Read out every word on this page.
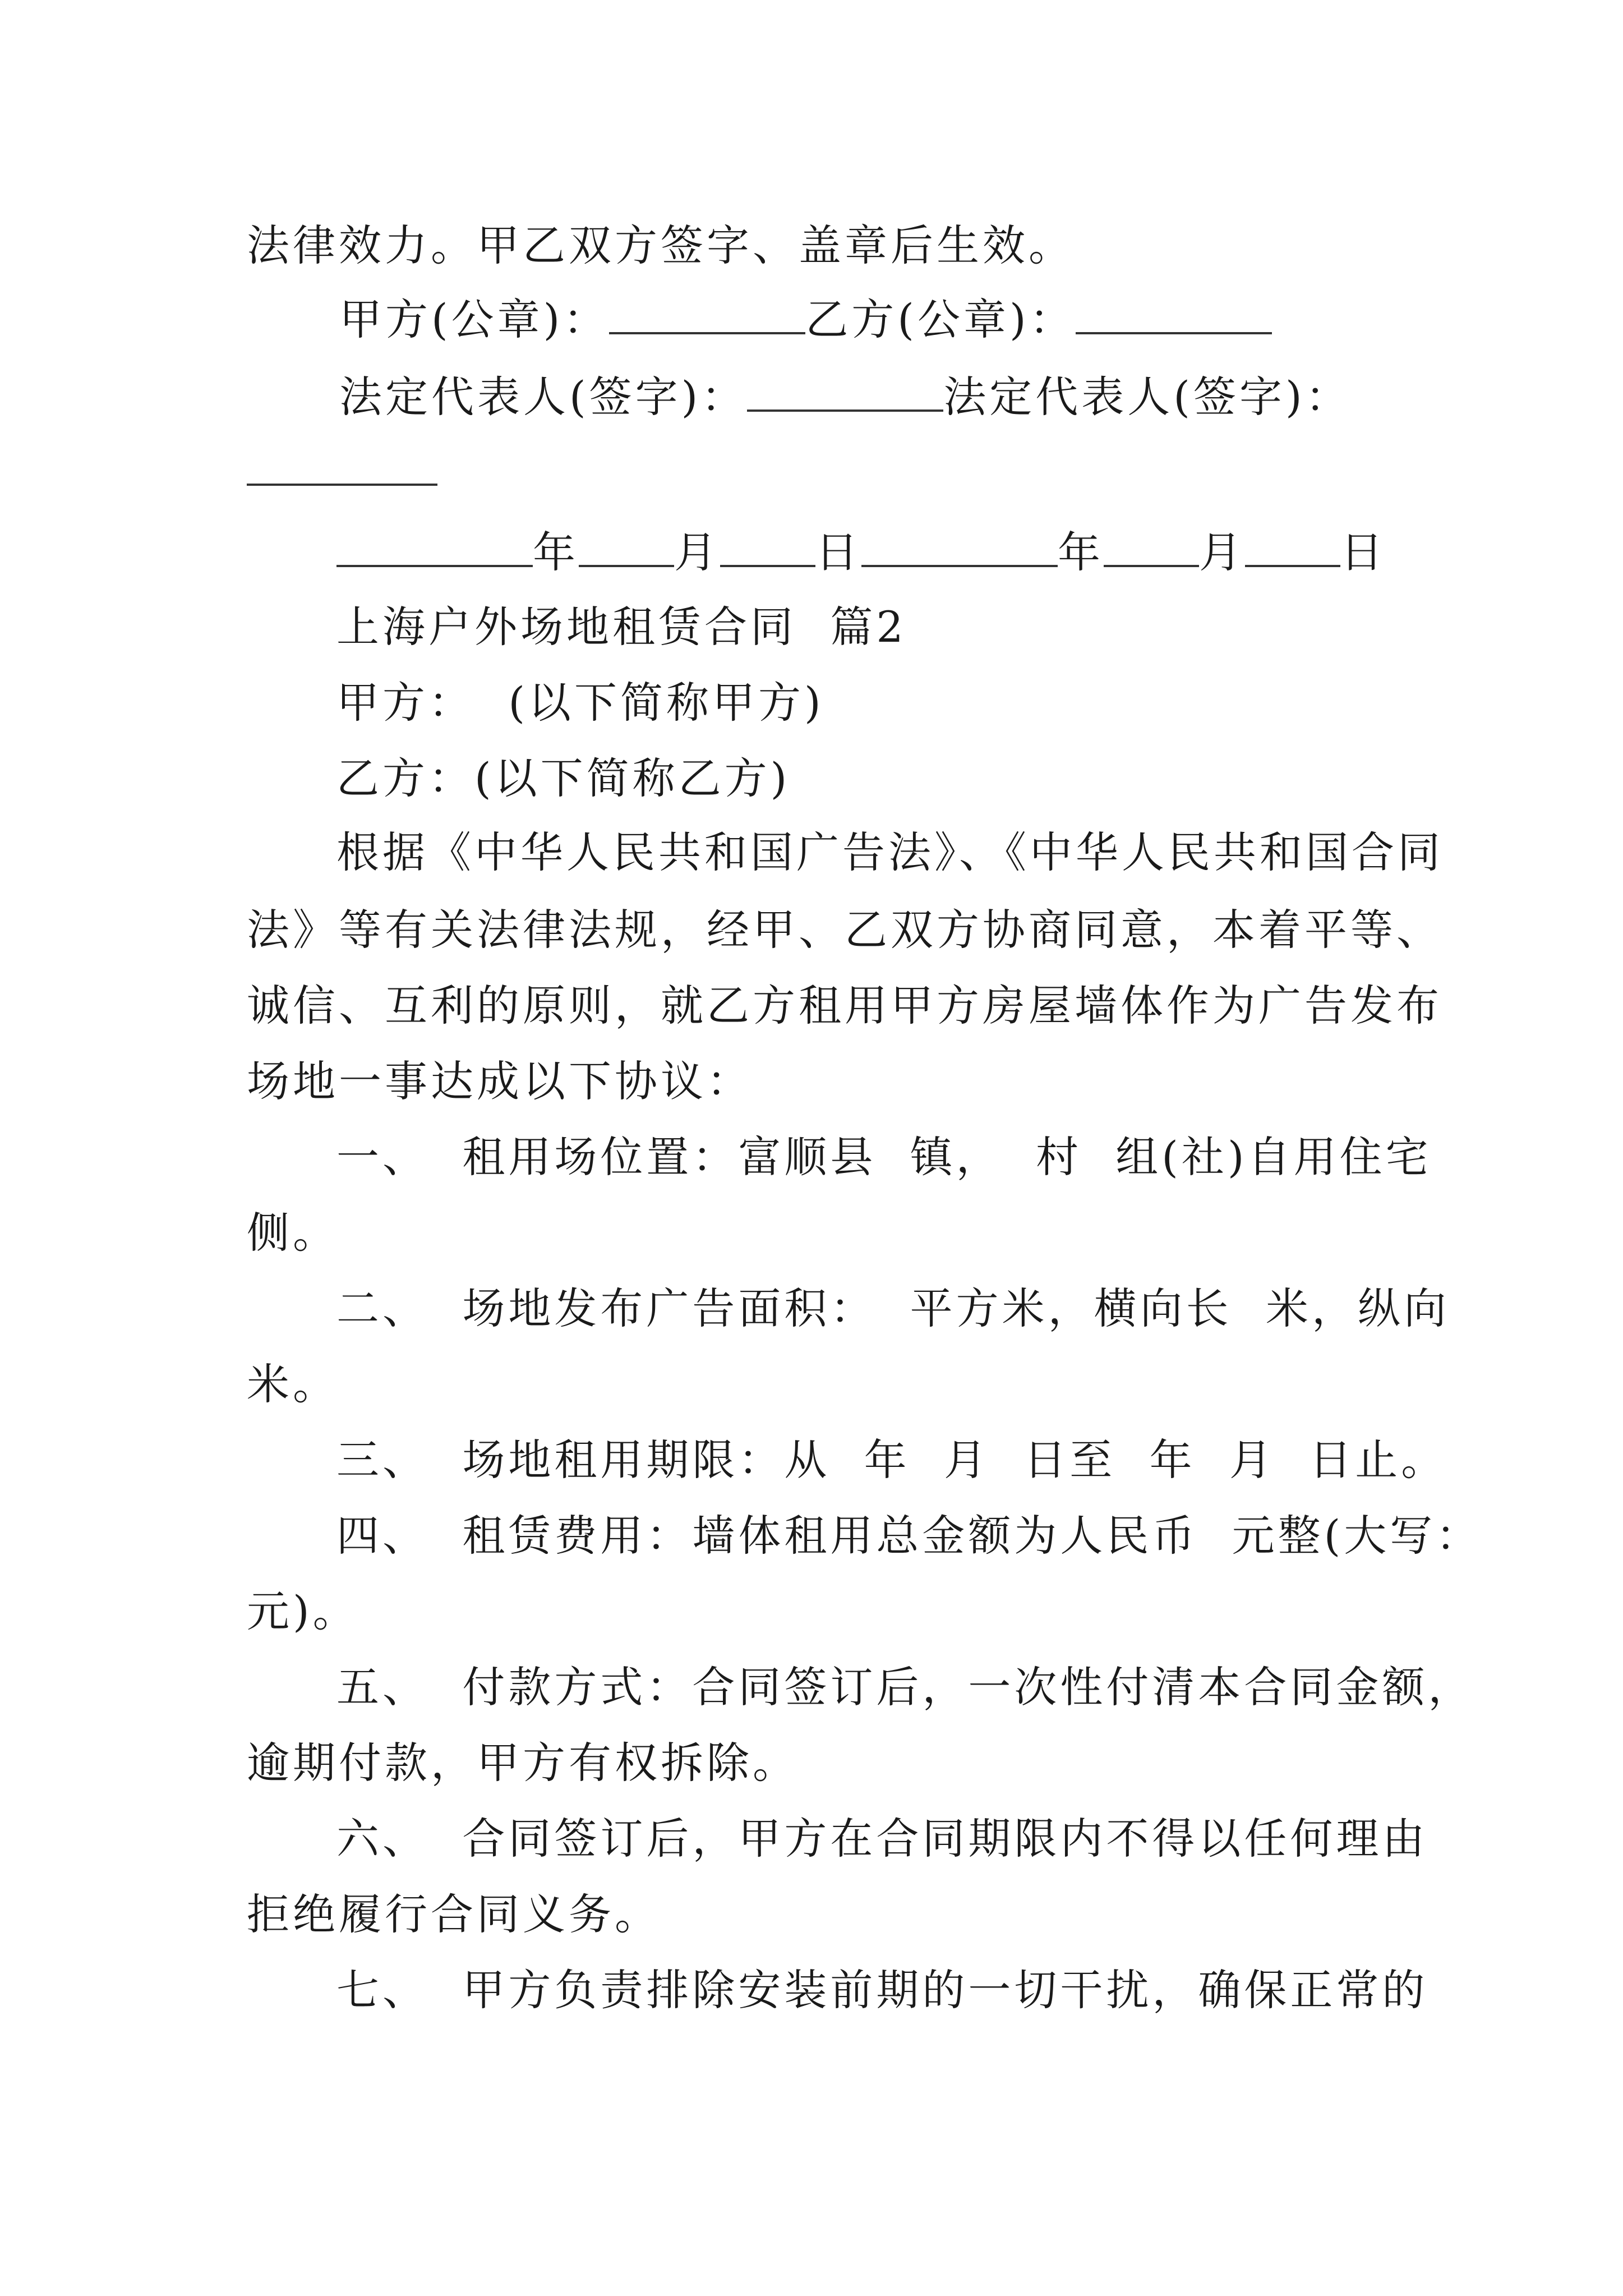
法律效力。甲乙双方签字、盖章后生效。
甲方(公章)：	乙方(公章)：
法定代表人(签字)：	法定代表人(签字)：
年 月 日	年 月 日
上海户外场地租赁合同  篇2
甲方：  (以下简称甲方)
乙方：(以下简称乙方)
根据《中华人民共和国广告法》、《中华人民共和国合同
法》等有关法律法规，经甲、乙双方协商同意，本着平等、
诚信、互利的原则，就乙方租用甲方房屋墙体作为广告发布
场地一事达成以下协议：
一、  租用场位置：富顺县  镇，  村  组(社)自用住宅
侧。
二、  场地发布广告面积：  平方米，横向长  米，纵向
米。
三、  场地租用期限：从  年  月  日至  年  月  日止。
四、  租赁费用：墙体租用总金额为人民币  元整(大写：
元)。
五、  付款方式：合同签订后，一次性付清本合同金额，
逾期付款，甲方有权拆除。
六、  合同签订后，甲方在合同期限内不得以任何理由
拒绝履行合同义务。
七、  甲方负责排除安装前期的一切干扰，确保正常的
